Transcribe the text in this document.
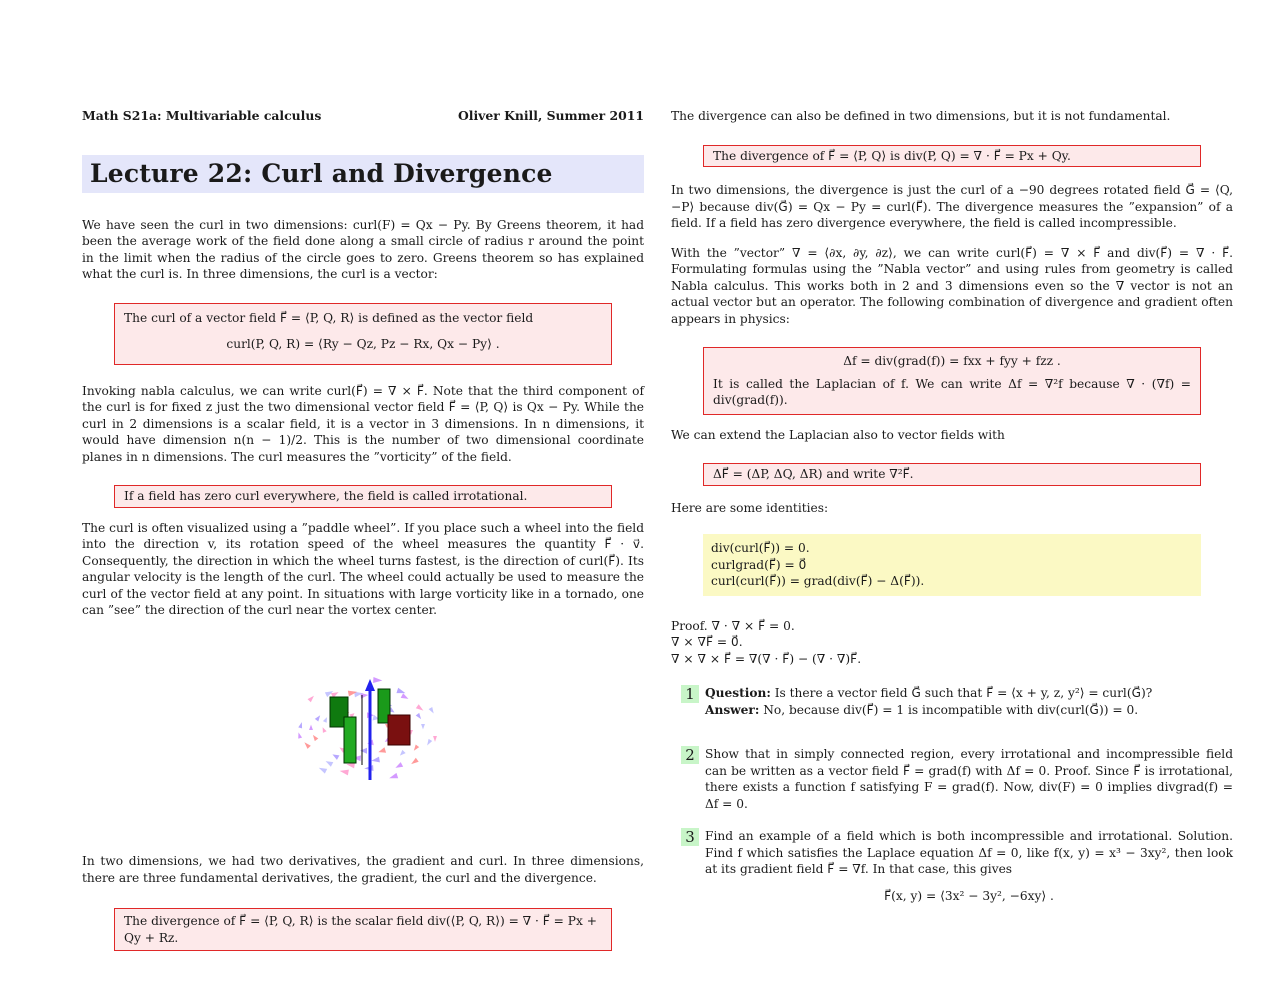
Math S21a: Multivariable calculus	Oliver Knill, Summer 2011
Lecture 22: Curl and Divergence

We have seen the curl in two dimensions: curl(F) = Qx − Py. By Greens theorem, it had been the average work of the field done along a small circle of radius r around the point in the limit when the radius of the circle goes to zero. Greens theorem so has explained what the curl is. In three dimensions, the curl is a vector:

The curl of a vector field F⃗ = ⟨P, Q, R⟩ is defined as the vector field
curl(P, Q, R) = ⟨Ry − Qz, Pz − Rx, Qx − Py⟩ .

Invoking nabla calculus, we can write curl(F⃗) = ∇ × F⃗. Note that the third component of the curl is for fixed z just the two dimensional vector field F⃗ = ⟨P, Q⟩ is Qx − Py. While the curl in 2 dimensions is a scalar field, it is a vector in 3 dimensions. In n dimensions, it would have dimension n(n − 1)/2. This is the number of two dimensional coordinate planes in n dimensions. The curl measures the ”vorticity” of the field.

If a field has zero curl everywhere, the field is called irrotational.

The curl is often visualized using a ”paddle wheel”. If you place such a wheel into the field into the direction v, its rotation speed of the wheel measures the quantity F⃗ · v⃗. Consequently, the direction in which the wheel turns fastest, is the direction of curl(F⃗). Its angular velocity is the length of the curl. The wheel could actually be used to measure the curl of the vector field at any point. In situations with large vorticity like in a tornado, one can ”see” the direction of the curl near the vortex center.

In two dimensions, we had two derivatives, the gradient and curl. In three dimensions, there are three fundamental derivatives, the gradient, the curl and the divergence.

The divergence of F⃗ = ⟨P, Q, R⟩ is the scalar field div(⟨P, Q, R⟩) = ∇ · F⃗ = Px + Qy + Rz.

The divergence can also be defined in two dimensions, but it is not fundamental.

The divergence of F⃗ = ⟨P, Q⟩ is div(P, Q) = ∇ · F⃗ = Px + Qy.

In two dimensions, the divergence is just the curl of a −90 degrees rotated field G⃗ = ⟨Q, −P⟩ because div(G⃗) = Qx − Py = curl(F⃗). The divergence measures the ”expansion” of a field. If a field has zero divergence everywhere, the field is called incompressible.

With the ”vector” ∇ = ⟨∂x, ∂y, ∂z⟩, we can write curl(F⃗) = ∇ × F⃗ and div(F⃗) = ∇ · F⃗. Formulating formulas using the ”Nabla vector” and using rules from geometry is called Nabla calculus. This works both in 2 and 3 dimensions even so the ∇ vector is not an actual vector but an operator. The following combination of divergence and gradient often appears in physics:

Δf = div(grad(f)) = fxx + fyy + fzz .
It is called the Laplacian of f. We can write Δf = ∇²f because ∇ · (∇f) = div(grad(f)).

We can extend the Laplacian also to vector fields with

ΔF⃗ = (ΔP, ΔQ, ΔR) and write ∇²F⃗.

Here are some identities:

div(curl(F⃗)) = 0.
curlgrad(F⃗) = 0⃗
curl(curl(F⃗)) = grad(div(F⃗) − Δ(F⃗)).
Proof. ∇ · ∇ × F⃗ = 0.
∇ × ∇F⃗ = 0⃗.
∇ × ∇ × F⃗ = ∇(∇ · F⃗) − (∇ · ∇)F⃗.
1 Question: Is there a vector field G⃗ such that F⃗ = ⟨x + y, z, y²⟩ = curl(G⃗)?
Answer: No, because div(F⃗) = 1 is incompatible with div(curl(G⃗)) = 0.
2 Show that in simply connected region, every irrotational and incompressible field can be written as a vector field F⃗ = grad(f) with Δf = 0. Proof. Since F⃗ is irrotational, there exists a function f satisfying F = grad(f). Now, div(F) = 0 implies divgrad(f) = Δf = 0.
3 Find an example of a field which is both incompressible and irrotational. Solution. Find f which satisfies the Laplace equation Δf = 0, like f(x, y) = x³ − 3xy², then look at its gradient field F⃗ = ∇f. In that case, this gives
F⃗(x, y) = ⟨3x² − 3y², −6xy⟩ .
